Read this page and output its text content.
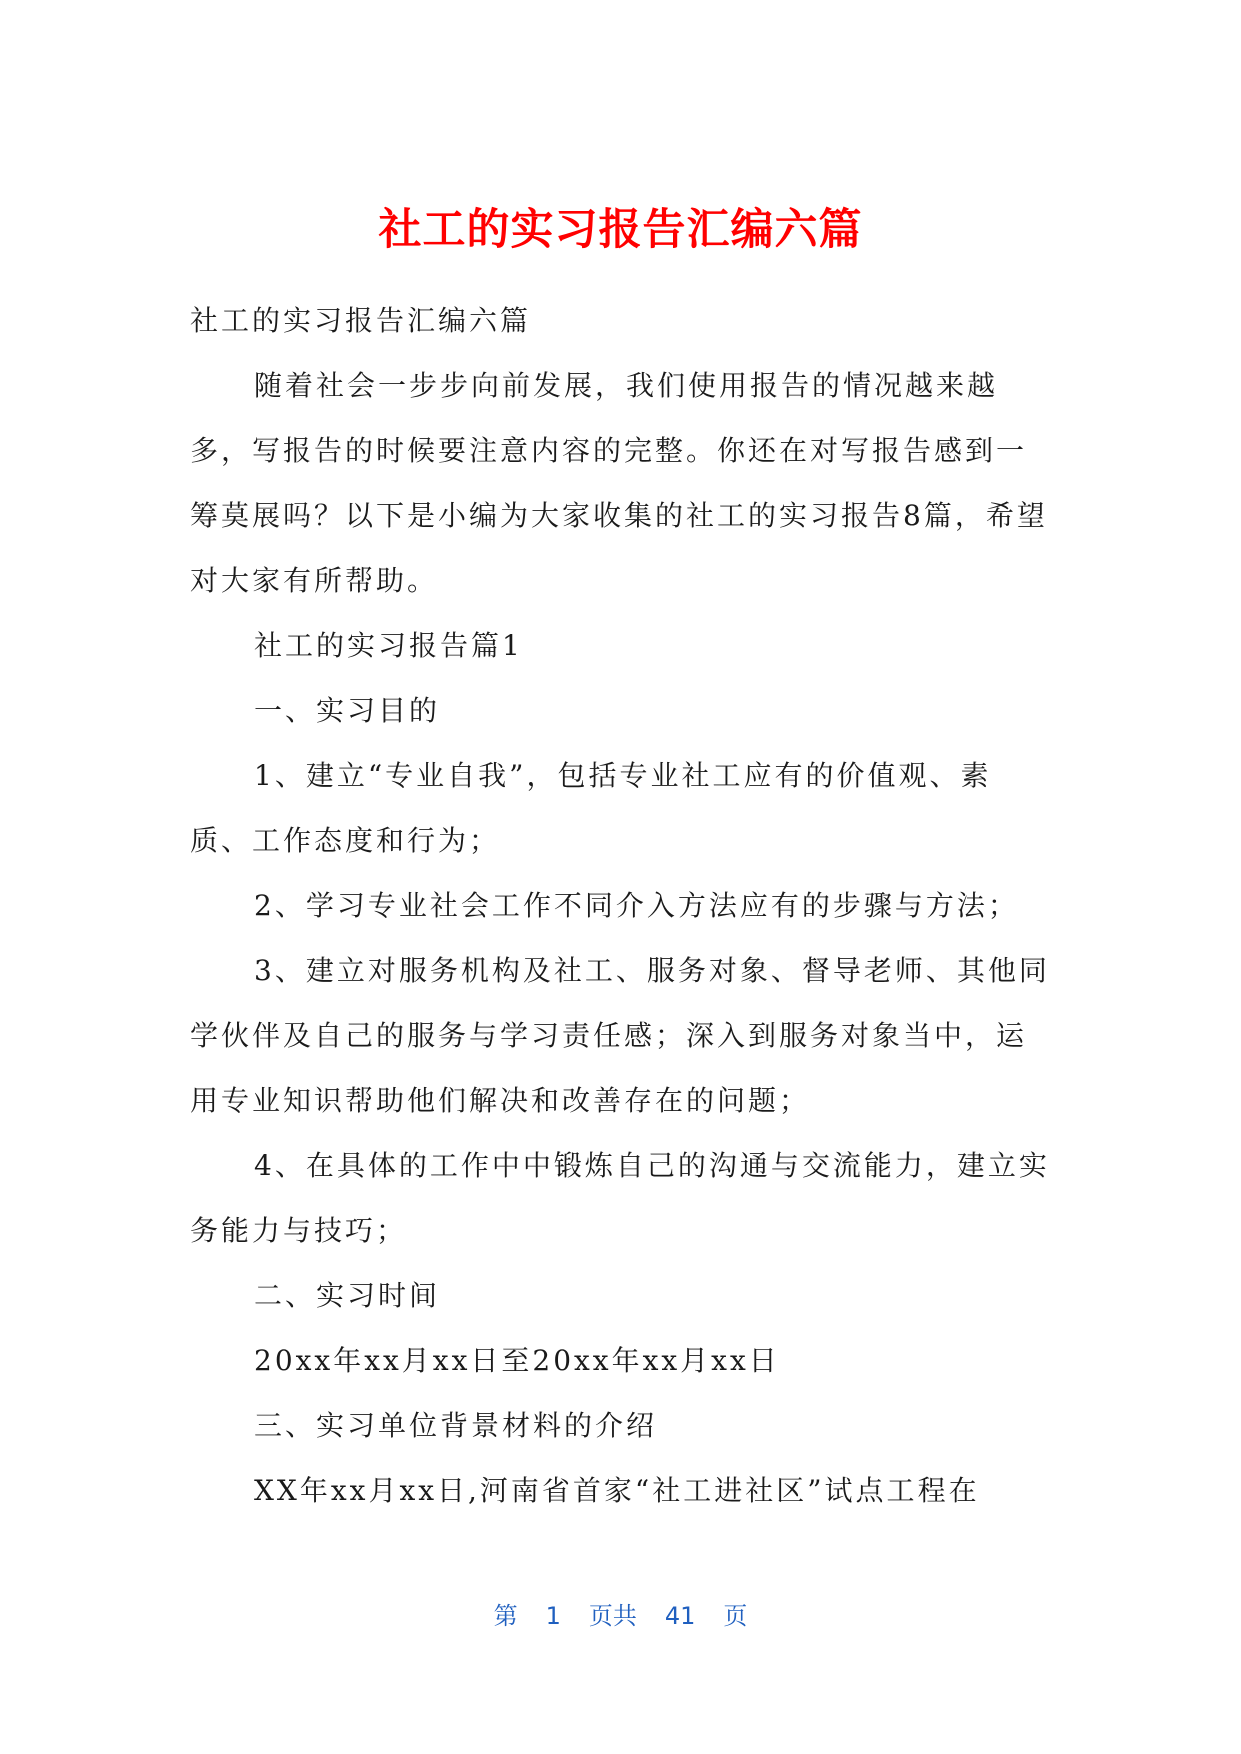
社工的实习报告汇编六篇

社工的实习报告汇编六篇

随着社会一步步向前发展，我们使用报告的情况越来越多，写报告的时候要注意内容的完整。你还在对写报告感到一筹莫展吗？以下是小编为大家收集的社工的实习报告8篇，希望对大家有所帮助。

社工的实习报告篇1

一、实习目的

1、建立“专业自我”，包括专业社工应有的价值观、素质、工作态度和行为；

2、学习专业社会工作不同介入方法应有的步骤与方法；

3、建立对服务机构及社工、服务对象、督导老师、其他同学伙伴及自己的服务与学习责任感；深入到服务对象当中，运用专业知识帮助他们解决和改善存在的问题；

4、在具体的工作中中锻炼自己的沟通与交流能力，建立实务能力与技巧；

二、实习时间

20xx年xx月xx日至20xx年xx月xx日

三、实习单位背景材料的介绍

XX年xx月xx日,河南省首家“社工进社区”试点工程在

第 1 页共 41 页
